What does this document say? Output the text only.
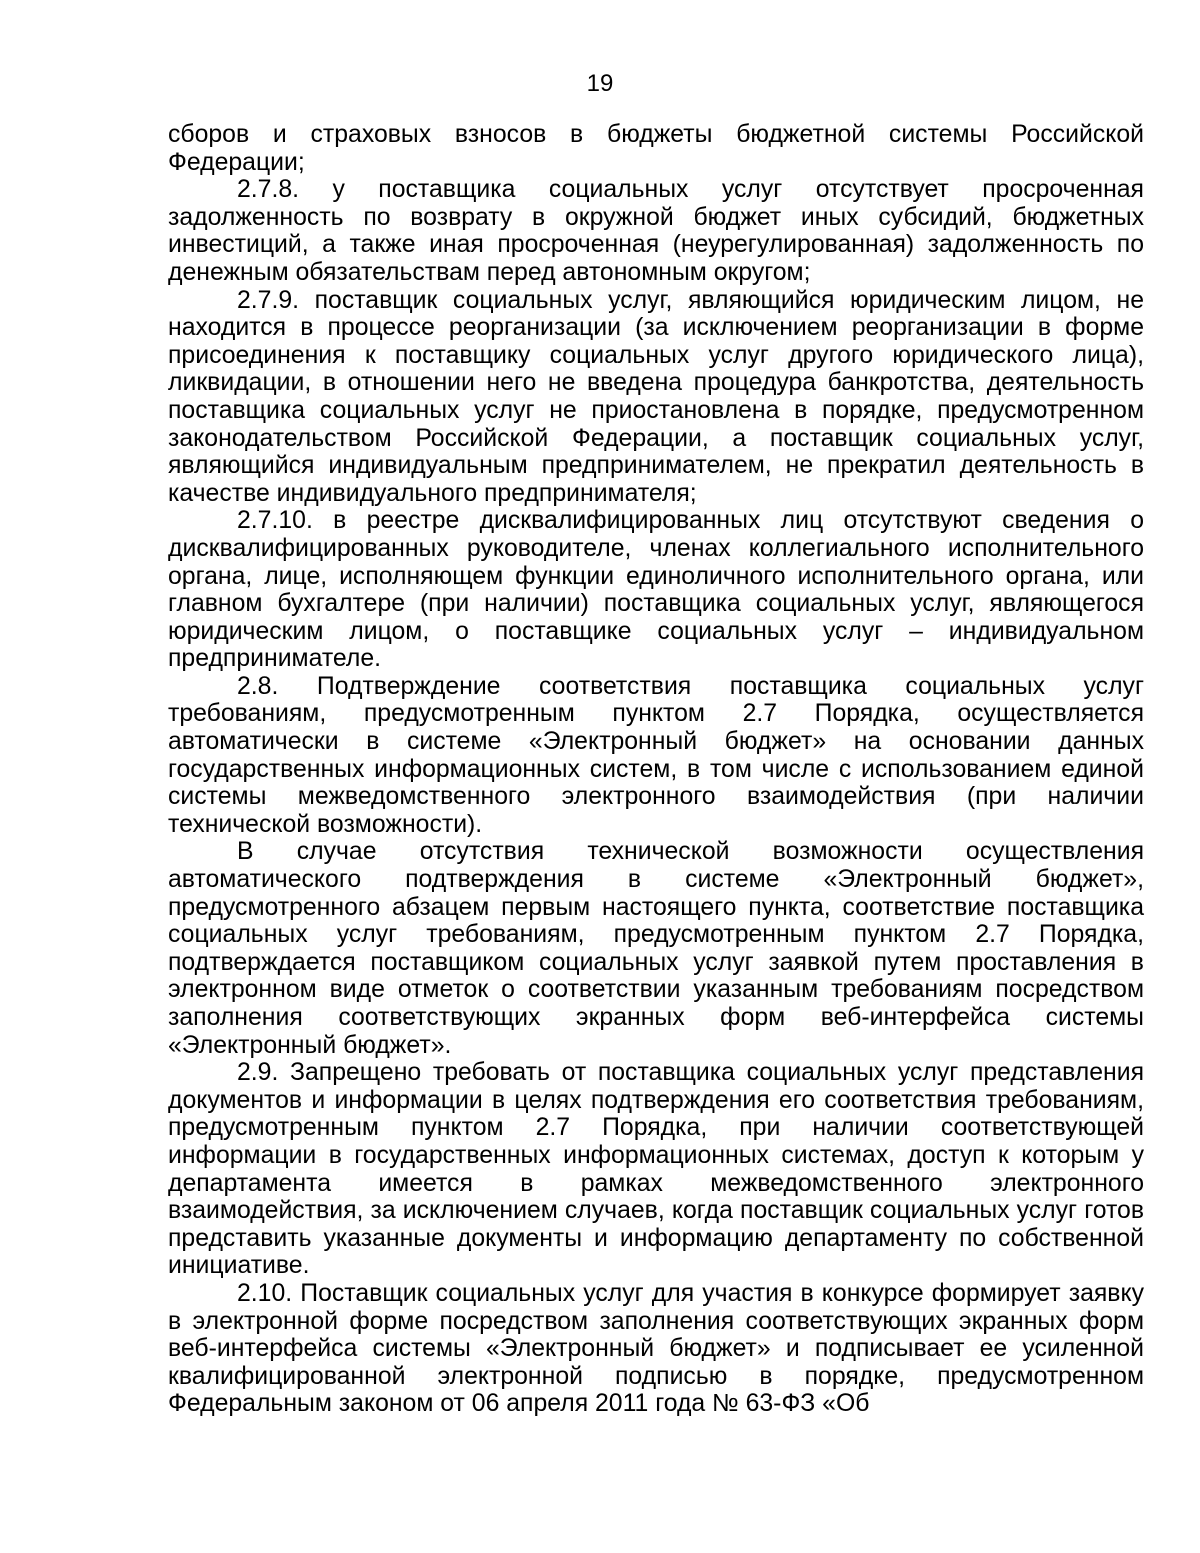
19

сборов и страховых взносов в бюджеты бюджетной системы Российской Федерации;

2.7.8. у поставщика социальных услуг отсутствует просроченная задолженность по возврату в окружной бюджет иных субсидий, бюджетных инвестиций, а также иная просроченная (неурегулированная) задолженность по денежным обязательствам перед автономным округом;

2.7.9. поставщик социальных услуг, являющийся юридическим лицом, не находится в процессе реорганизации (за исключением реорганизации в форме присоединения к поставщику социальных услуг другого юридического лица), ликвидации, в отношении него не введена процедура банкротства, деятельность поставщика социальных услуг не приостановлена в порядке, предусмотренном законодательством Российской Федерации, а поставщик социальных услуг, являющийся индивидуальным предпринимателем, не прекратил деятельность в качестве индивидуального предпринимателя;

2.7.10. в реестре дисквалифицированных лиц отсутствуют сведения о дисквалифицированных руководителе, членах коллегиального исполнительного органа, лице, исполняющем функции единоличного исполнительного органа, или главном бухгалтере (при наличии) поставщика социальных услуг, являющегося юридическим лицом, о поставщике социальных услуг – индивидуальном предпринимателе.

2.8. Подтверждение соответствия поставщика социальных услуг требованиям, предусмотренным пунктом 2.7 Порядка, осуществляется автоматически в системе «Электронный бюджет» на основании данных государственных информационных систем, в том числе с использованием единой системы межведомственного электронного взаимодействия (при наличии технической возможности).

В случае отсутствия технической возможности осуществления автоматического подтверждения в системе «Электронный бюджет», предусмотренного абзацем первым настоящего пункта, соответствие поставщика социальных услуг требованиям, предусмотренным пунктом 2.7 Порядка, подтверждается поставщиком социальных услуг заявкой путем проставления в электронном виде отметок о соответствии указанным требованиям посредством заполнения соответствующих экранных форм веб-интерфейса системы «Электронный бюджет».

2.9. Запрещено требовать от поставщика социальных услуг представления документов и информации в целях подтверждения его соответствия требованиям, предусмотренным пунктом 2.7 Порядка, при наличии соответствующей информации в государственных информационных системах, доступ к которым у департамента имеется в рамках межведомственного электронного взаимодействия, за исключением случаев, когда поставщик социальных услуг готов представить указанные документы и информацию департаменту по собственной инициативе.

2.10. Поставщик социальных услуг для участия в конкурсе формирует заявку в электронной форме посредством заполнения соответствующих экранных форм веб-интерфейса системы «Электронный бюджет» и подписывает ее усиленной квалифицированной электронной подписью в порядке, предусмотренном Федеральным законом от 06 апреля 2011 года № 63-ФЗ «Об
